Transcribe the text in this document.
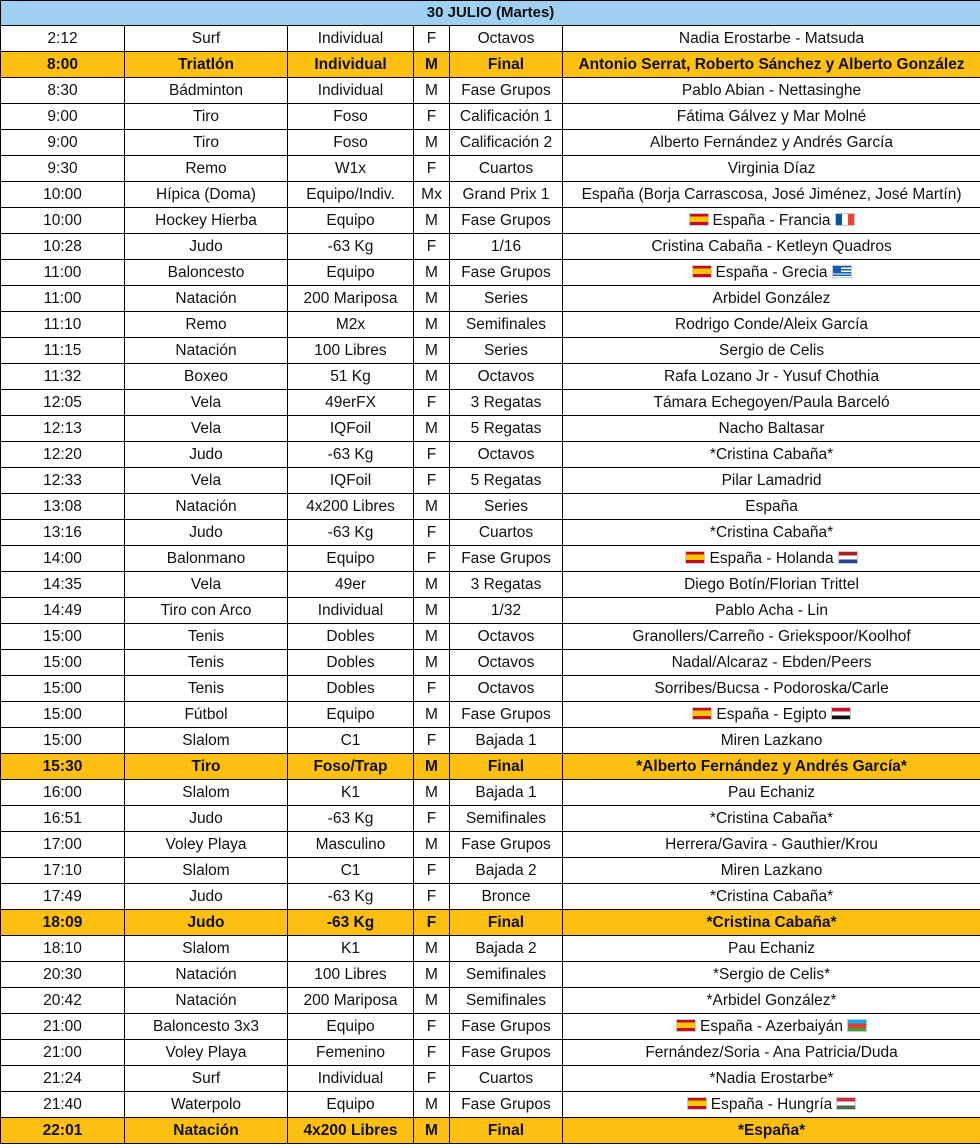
30 JULIO (Martes)					
2:12	Surf	Individual	F	Octavos	Nadia Erostarbe - Matsuda
8:00	Triatlón	Individual	M	Final	Antonio Serrat, Roberto Sánchez y Alberto González
8:30	Bádminton	Individual	M	Fase Grupos	Pablo Abian - Nettasinghe
9:00	Tiro	Foso	F	Calificación 1	Fátima Gálvez y Mar Molné
9:00	Tiro	Foso	M	Calificación 2	Alberto Fernández y Andrés García
9:30	Remo	W1x	F	Cuartos	Virginia Díaz
10:00	Hípica (Doma)	Equipo/Indiv.	Mx	Grand Prix 1	España (Borja Carrascosa, José Jiménez, José Martín)
10:00	Hockey Hierba	Equipo	M	Fase Grupos	España - Francia
10:28	Judo	-63 Kg	F	1/16	Cristina Cabaña - Ketleyn Quadros
11:00	Baloncesto	Equipo	M	Fase Grupos	España - Grecia
11:00	Natación	200 Mariposa	M	Series	Arbidel González
11:10	Remo	M2x	M	Semifinales	Rodrigo Conde/Aleix García
11:15	Natación	100 Libres	M	Series	Sergio de Celis
11:32	Boxeo	51 Kg	M	Octavos	Rafa Lozano Jr - Yusuf Chothia
12:05	Vela	49erFX	F	3 Regatas	Támara Echegoyen/Paula Barceló
12:13	Vela	IQFoil	M	5 Regatas	Nacho Baltasar
12:20	Judo	-63 Kg	F	Octavos	*Cristina Cabaña*
12:33	Vela	IQFoil	F	5 Regatas	Pilar Lamadrid
13:08	Natación	4x200 Libres	M	Series	España
13:16	Judo	-63 Kg	F	Cuartos	*Cristina Cabaña*
14:00	Balonmano	Equipo	F	Fase Grupos	España - Holanda
14:35	Vela	49er	M	3 Regatas	Diego Botín/Florian Trittel
14:49	Tiro con Arco	Individual	M	1/32	Pablo Acha - Lin
15:00	Tenis	Dobles	M	Octavos	Granollers/Carreño - Griekspoor/Koolhof
15:00	Tenis	Dobles	M	Octavos	Nadal/Alcaraz - Ebden/Peers
15:00	Tenis	Dobles	F	Octavos	Sorribes/Bucsa - Podoroska/Carle
15:00	Fútbol	Equipo	M	Fase Grupos	España - Egipto
15:00	Slalom	C1	F	Bajada 1	Miren Lazkano
15:30	Tiro	Foso/Trap	M	Final	*Alberto Fernández y Andrés García*
16:00	Slalom	K1	M	Bajada 1	Pau Echaniz
16:51	Judo	-63 Kg	F	Semifinales	*Cristina Cabaña*
17:00	Voley Playa	Masculino	M	Fase Grupos	Herrera/Gavira - Gauthier/Krou
17:10	Slalom	C1	F	Bajada 2	Miren Lazkano
17:49	Judo	-63 Kg	F	Bronce	*Cristina Cabaña*
18:09	Judo	-63 Kg	F	Final	*Cristina Cabaña*
18:10	Slalom	K1	M	Bajada 2	Pau Echaniz
20:30	Natación	100 Libres	M	Semifinales	*Sergio de Celis*
20:42	Natación	200 Mariposa	M	Semifinales	*Arbidel González*
21:00	Baloncesto 3x3	Equipo	F	Fase Grupos	España - Azerbaiyán
21:00	Voley Playa	Femenino	F	Fase Grupos	Fernández/Soria - Ana Patricia/Duda
21:24	Surf	Individual	F	Cuartos	*Nadia Erostarbe*
21:40	Waterpolo	Equipo	M	Fase Grupos	España - Hungría
22:01	Natación	4x200 Libres	M	Final	*España*
